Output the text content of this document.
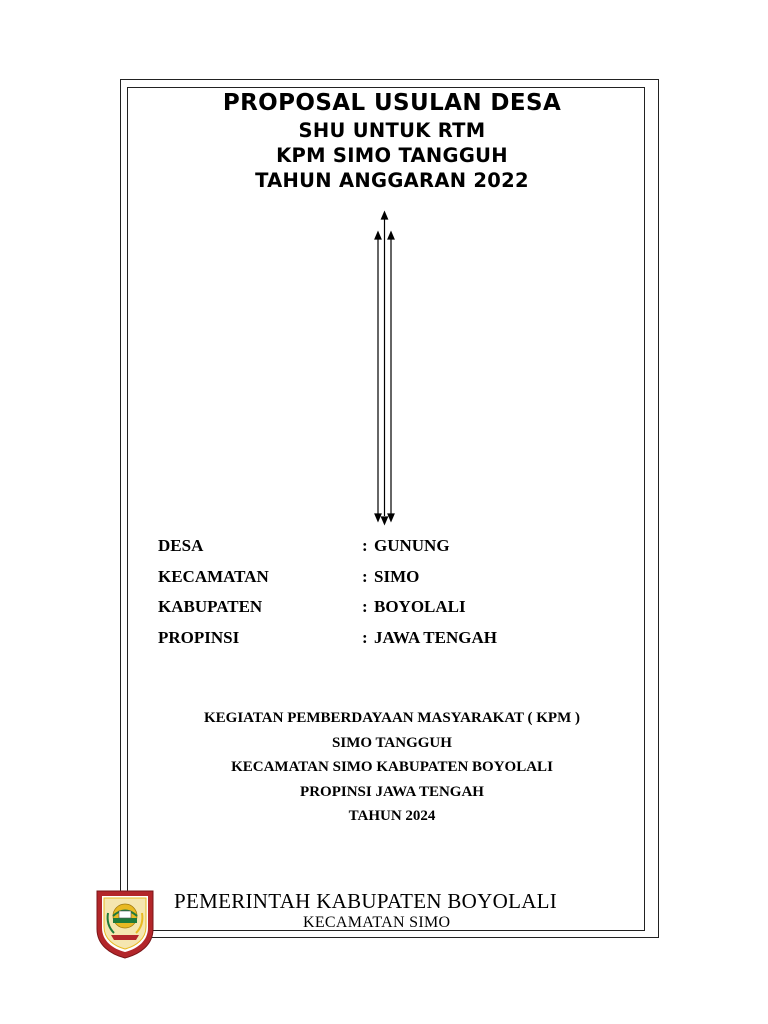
PROPOSAL USULAN DESA
SHU UNTUK RTM
KPM SIMO TANGGUH
TAHUN ANGGARAN 2022
DESA	: GUNUNG
KECAMATAN	: SIMO
KABUPATEN	: BOYOLALI
PROPINSI	: JAWA TENGAH
KEGIATAN PEMBERDAYAAN MASYARAKAT ( KPM )
SIMO TANGGUH
KECAMATAN SIMO KABUPATEN BOYOLALI
PROPINSI JAWA TENGAH
TAHUN 2024
PEMERINTAH KABUPATEN BOYOLALI
KECAMATAN SIMO
